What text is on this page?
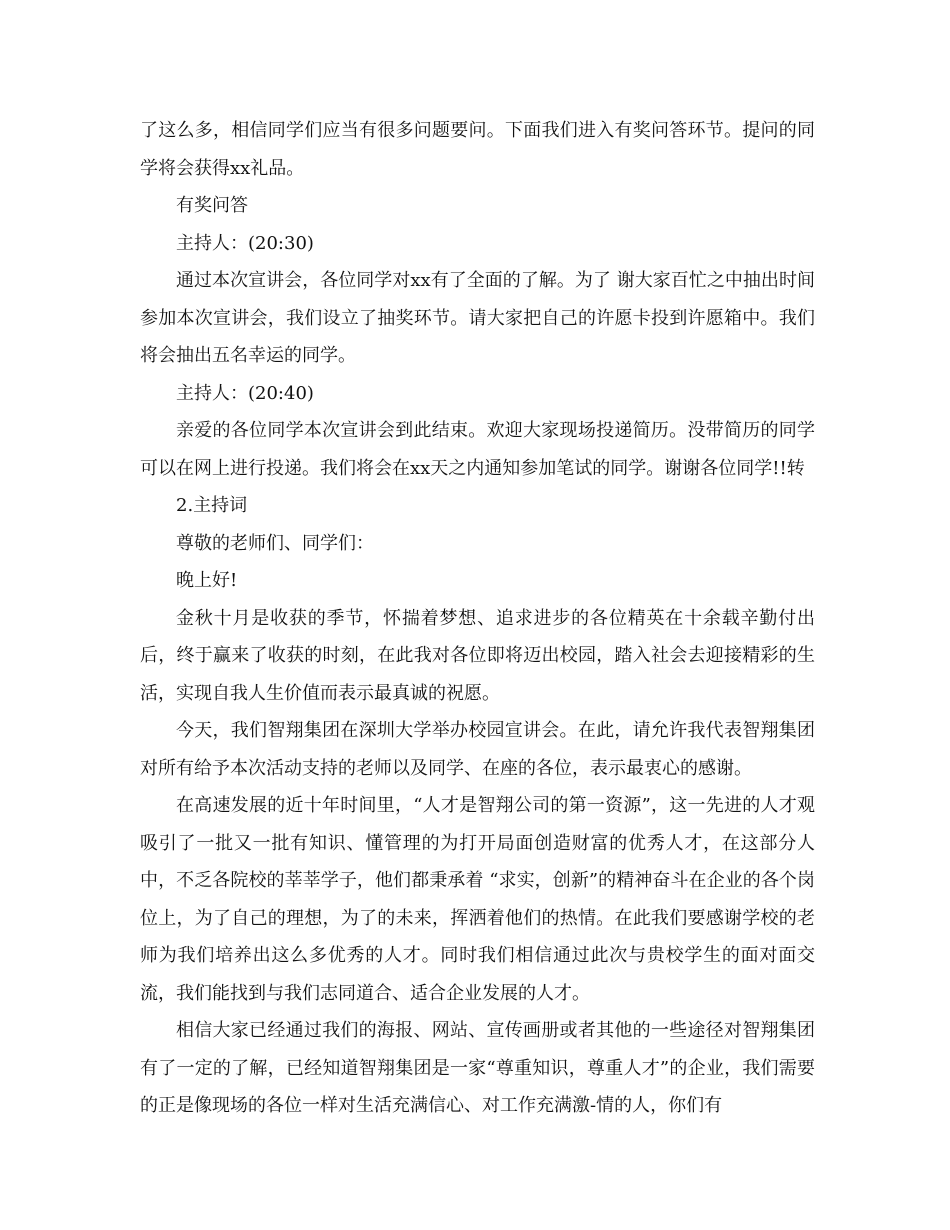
了这么多，相信同学们应当有很多问题要问。下面我们进入有奖问答环节。提问的同学将会获得xx礼品。

有奖问答

主持人：(20:30)

通过本次宣讲会，各位同学对xx有了全面的了解。为了 谢大家百忙之中抽出时间参加本次宣讲会，我们设立了抽奖环节。请大家把自己的许愿卡投到许愿箱中。我们将会抽出五名幸运的同学。

主持人：(20:40)

亲爱的各位同学本次宣讲会到此结束。欢迎大家现场投递简历。没带简历的同学可以在网上进行投递。我们将会在xx天之内通知参加笔试的同学。谢谢各位同学!!转

2.主持词

尊敬的老师们、同学们：

晚上好!

金秋十月是收获的季节，怀揣着梦想、追求进步的各位精英在十余载辛勤付出后，终于赢来了收获的时刻，在此我对各位即将迈出校园，踏入社会去迎接精彩的生活，实现自我人生价值而表示最真诚的祝愿。

今天，我们智翔集团在深圳大学举办校园宣讲会。在此，请允许我代表智翔集团对所有给予本次活动支持的老师以及同学、在座的各位，表示最衷心的感谢。

在高速发展的近十年时间里，“人才是智翔公司的第一资源”，这一先进的人才观吸引了一批又一批有知识、懂管理的为打开局面创造财富的优秀人才，在这部分人中，不乏各院校的莘莘学子，他们都秉承着 “求实，创新”的精神奋斗在企业的各个岗位上，为了自己的理想，为了的未来，挥洒着他们的热情。在此我们要感谢学校的老师为我们培养出这么多优秀的人才。同时我们相信通过此次与贵校学生的面对面交流，我们能找到与我们志同道合、适合企业发展的人才。

相信大家已经通过我们的海报、网站、宣传画册或者其他的一些途径对智翔集团有了一定的了解，已经知道智翔集团是一家“尊重知识，尊重人才”的企业，我们需要的正是像现场的各位一样对生活充满信心、对工作充满激-情的人，你们有
